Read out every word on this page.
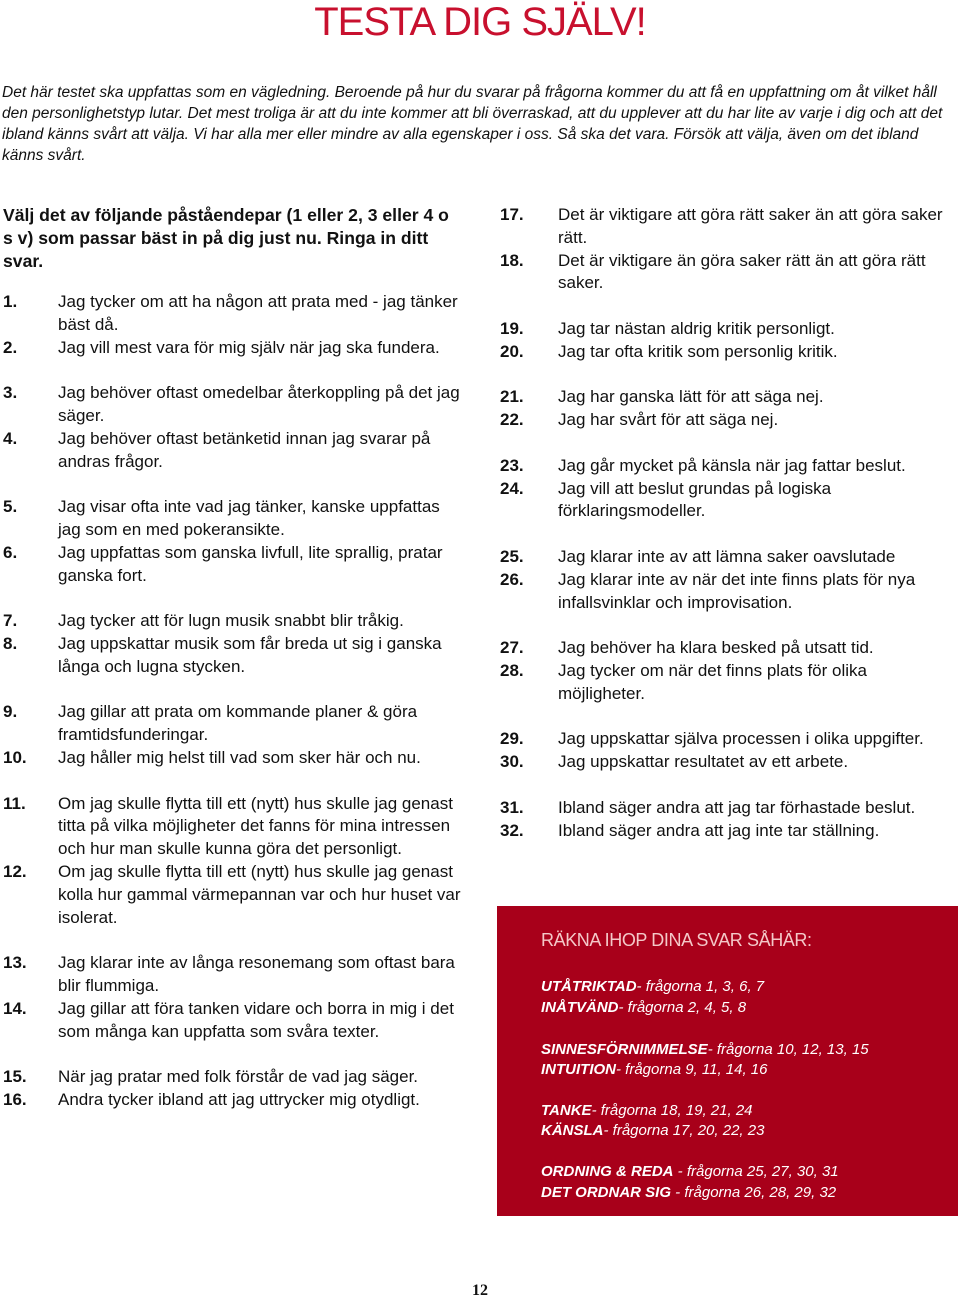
TESTA DIG SJÄLV!
Det här testet ska uppfattas som en vägledning. Beroende på hur du svarar på frågorna kommer du att få en uppfattning om åt vilket håll den personlighetstyp lutar. Det mest troliga är att du inte kommer att bli överraskad, att du upplever att du har lite av varje i dig och att det ibland känns svårt att välja. Vi har alla mer eller mindre av alla egenskaper i oss. Så ska det vara. Försök att välja, även om det ibland känns svårt.
Välj det av följande påståendepar (1 eller 2, 3 eller 4 o s v) som passar bäst in på dig just nu. Ringa in ditt svar.
1. Jag tycker om att ha någon att prata med - jag tänker bäst då.
2. Jag vill mest vara för mig själv när jag ska fundera.
3. Jag behöver oftast omedelbar återkoppling på det jag säger.
4. Jag behöver oftast betänketid innan jag svarar på andras frågor.
5. Jag visar ofta inte vad jag tänker, kanske uppfattas jag som en med pokeransikte.
6. Jag uppfattas som ganska livfull, lite sprallig, pratar ganska fort.
7. Jag tycker att för lugn musik snabbt blir tråkig.
8. Jag uppskattar musik som får breda ut sig i ganska långa och lugna stycken.
9. Jag gillar att prata om kommande planer & göra framtidsfunderingar.
10. Jag håller mig helst till vad som sker här och nu.
11. Om jag skulle flytta till ett (nytt) hus skulle jag genast titta på vilka möjligheter det fanns för mina intressen och hur man skulle kunna göra det personligt.
12. Om jag skulle flytta till ett (nytt) hus skulle jag genast kolla hur gammal värmepannan var och hur huset var isolerat.
13. Jag klarar inte av långa resonemang som oftast bara blir flummiga.
14. Jag gillar att föra tanken vidare och borra in mig i det som många kan uppfatta som svåra texter.
15. När jag pratar med folk förstår de vad jag säger.
16. Andra tycker ibland att jag uttrycker mig otydligt.
17. Det är viktigare att göra rätt saker än att göra saker rätt.
18. Det är viktigare än göra saker rätt än att göra rätt saker.
19. Jag tar nästan aldrig kritik personligt.
20. Jag tar ofta kritik som personlig kritik.
21. Jag har ganska lätt för att säga nej.
22. Jag har svårt för att säga nej.
23. Jag går mycket på känsla när jag fattar beslut.
24. Jag vill att beslut grundas på logiska förklaringsmodeller.
25. Jag klarar inte av att lämna saker oavslutade
26. Jag klarar inte av när det inte finns plats för nya infallsvinklar och improvisation.
27. Jag behöver ha klara besked på utsatt tid.
28. Jag tycker om när det finns plats för olika möjligheter.
29. Jag uppskattar själva processen i olika uppgifter.
30. Jag uppskattar resultatet av ett arbete.
31. Ibland säger andra att jag tar förhastade beslut.
32. Ibland säger andra att jag inte tar ställning.
RÄKNA IHOP DINA SVAR SÅHÄR:
UTÅTRIKTAD- frågorna 1, 3, 6, 7
INÅTVÄND- frågorna 2, 4, 5, 8
SINNESFÖRNIMMELSE- frågorna 10, 12, 13, 15
INTUITION- frågorna 9, 11, 14, 16
TANKE- frågorna 18, 19, 21, 24
KÄNSLA- frågorna 17, 20, 22, 23
ORDNING & REDA - frågorna 25, 27, 30, 31
DET ORDNAR SIG - frågorna 26, 28, 29, 32
12
